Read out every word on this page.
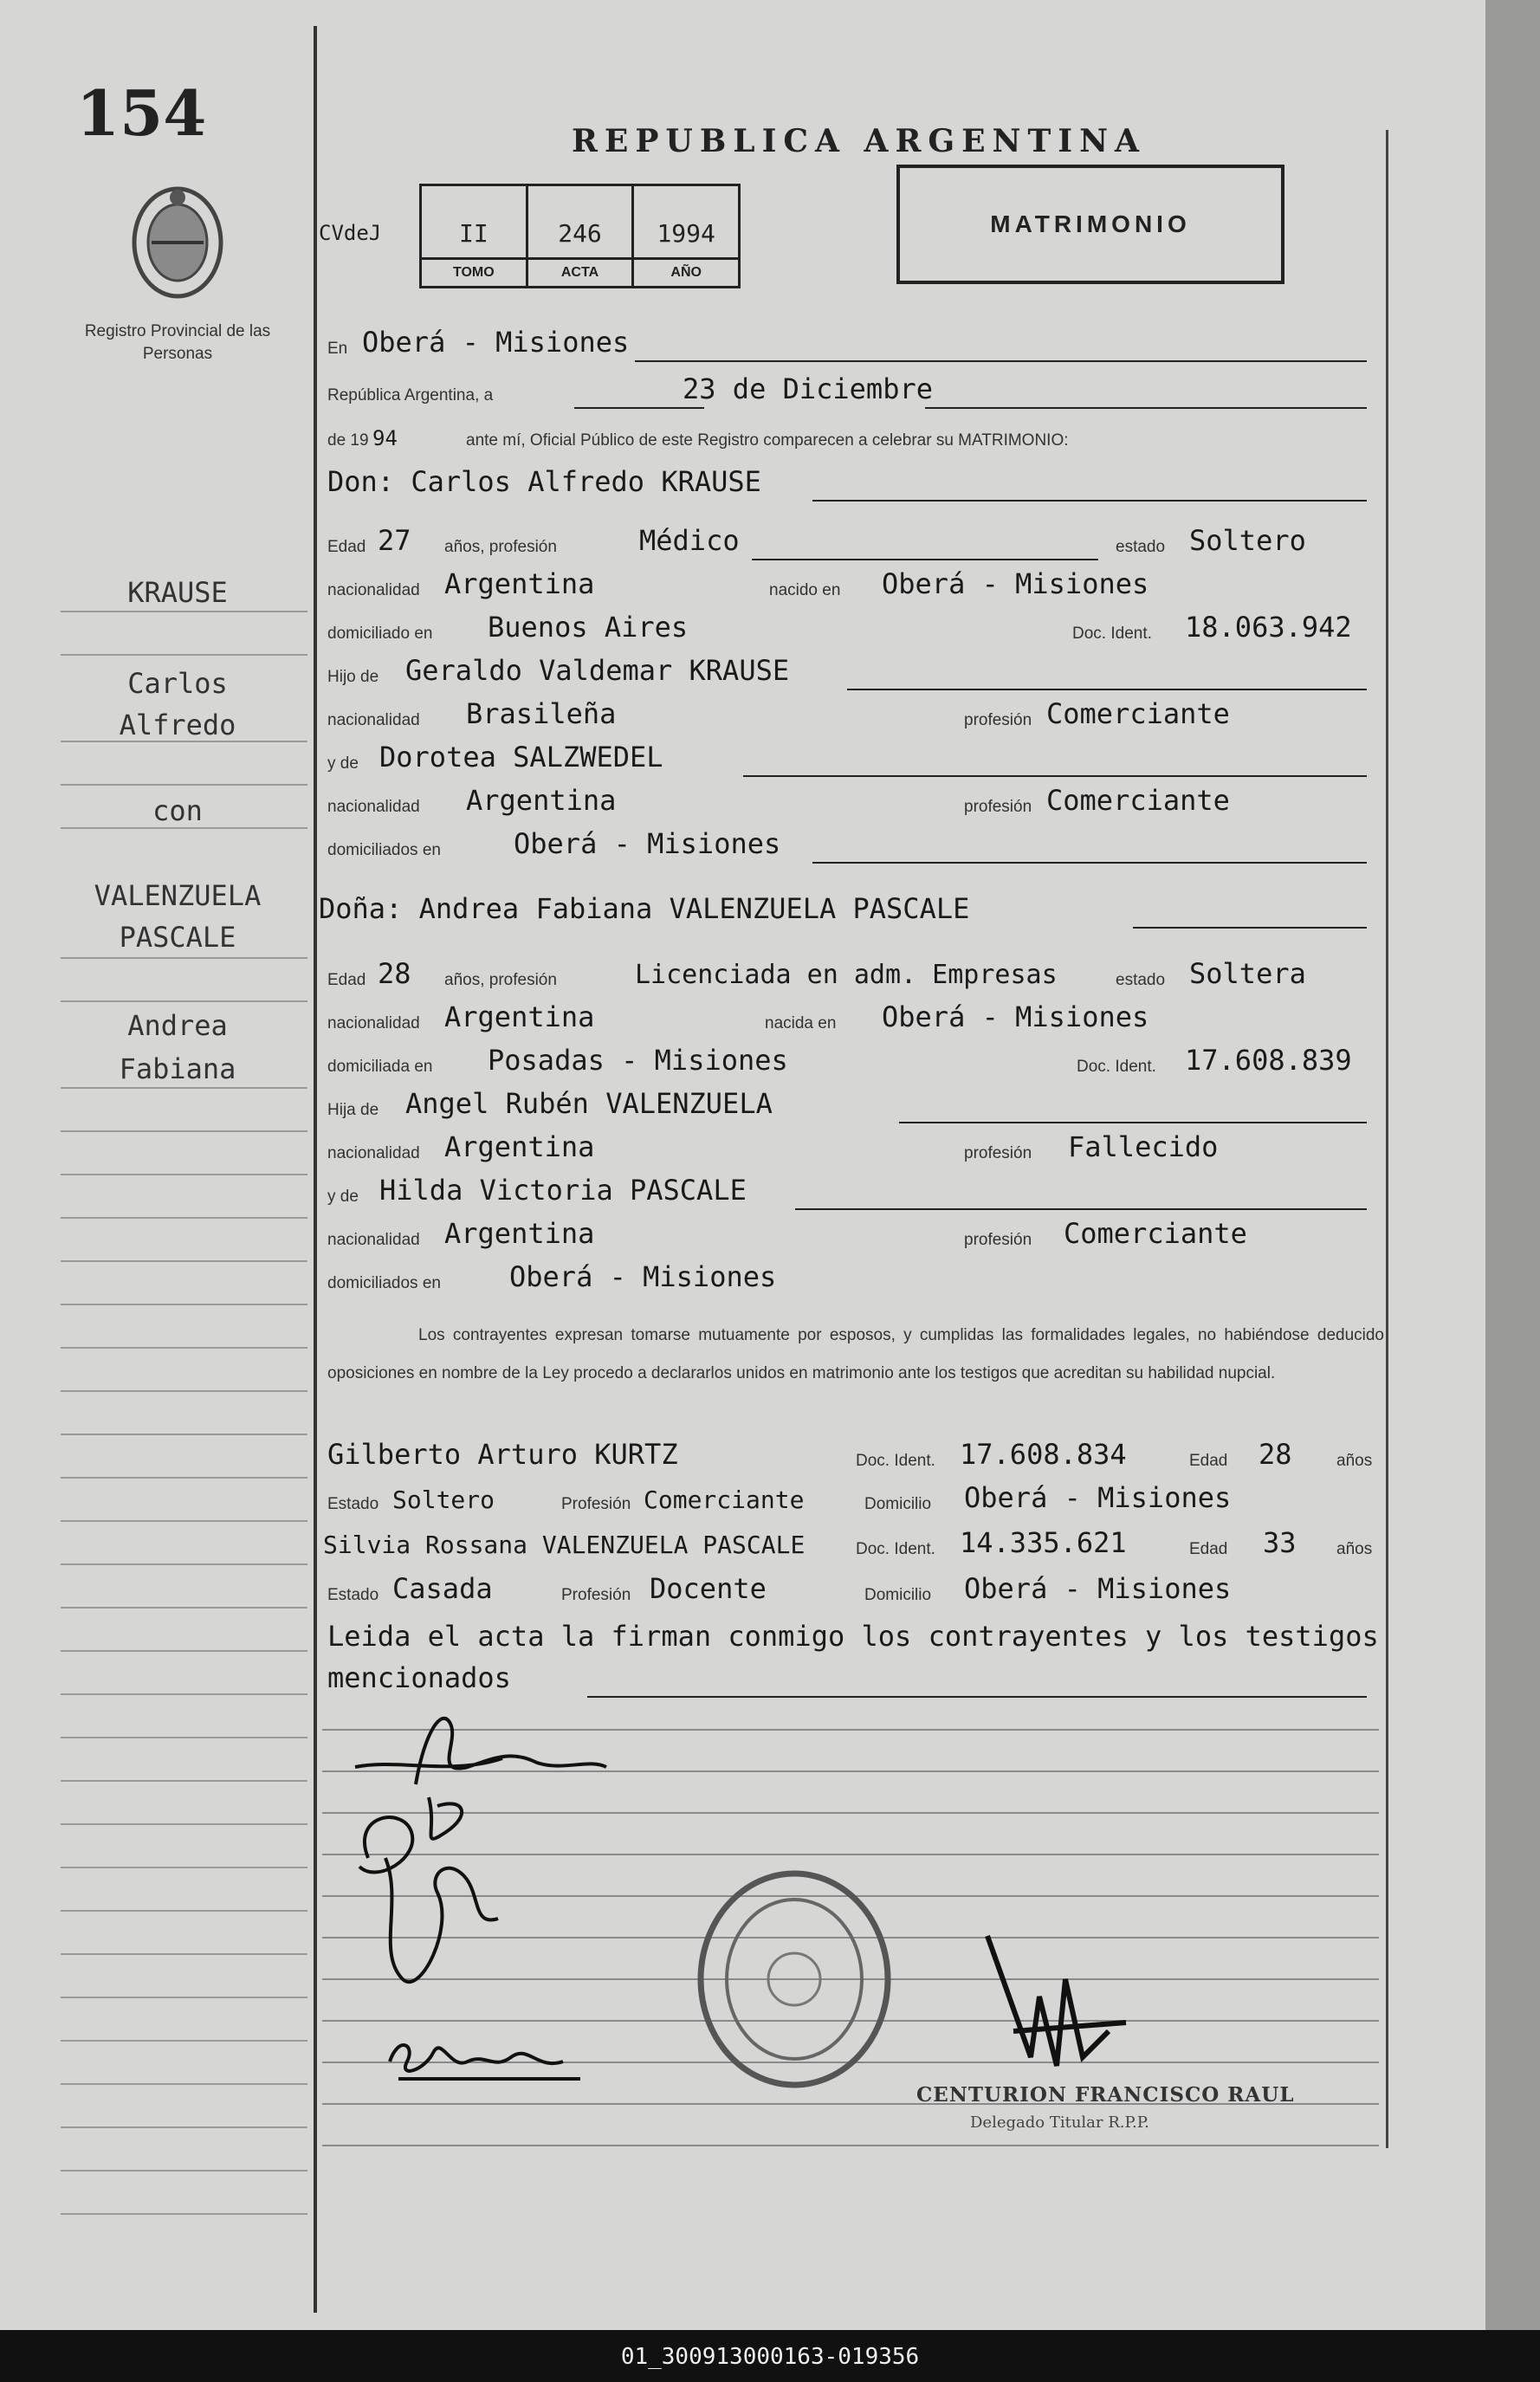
01_300913000163-019356
154
Registro Provincial de las Personas
REPUBLICA ARGENTINA
MATRIMONIO
CVdeJ	II
TOMO
246
ACTA
1994
AÑO
KRAUSE
Carlos
Alfredo
con
VALENZUELA
PASCALE
Andrea
Fabiana
En Oberá - Misiones
República Argentina, a	23 de Diciembre
de 19 94	ante mí, Oficial Público de este Registro comparecen a celebrar su MATRIMONIO:
Don: Carlos Alfredo KRAUSE
Edad 27 años, profesión	Médico	estado Soltero
nacionalidad Argentina	nacido en Oberá - Misiones
domiciliado en Buenos Aires	Doc. Ident. 18.063.942
Hijo de Geraldo Valdemar KRAUSE
nacionalidad Brasileña	profesión Comerciante
y de Dorotea SALZWEDEL
nacionalidad Argentina	profesión Comerciante
domiciliados en	Oberá - Misiones
Doña: Andrea Fabiana VALENZUELA PASCALE
Edad 28 años, profesión	Licenciada en adm. Empresas	estado Soltera
nacionalidad Argentina	nacida en Oberá - Misiones
domiciliada en Posadas - Misiones	Doc. Ident. 17.608.839
Hija de Angel Rubén VALENZUELA
nacionalidad Argentina	profesión Fallecido
y de Hilda Victoria PASCALE
nacionalidad Argentina	profesión Comerciante
domiciliados en Oberá - Misiones
Los contrayentes expresan tomarse mutuamente por esposos, y cumplidas las formalidades legales, no habiéndose deducido oposiciones en nombre de la Ley procedo a declararlos unidos en matrimonio ante los testigos que acreditan su habilidad nupcial.
Gilberto Arturo KURTZ	Doc. Ident. 17.608.834	Edad 28	años
Estado Soltero	Profesión Comerciante	Domicilio Oberá - Misiones
Silvia Rossana VALENZUELA PASCALE	Doc. Ident. 14.335.621	Edad 33 años
Estado Casada	Profesión Docente	Domicilio Oberá - Misiones
Leida el acta la firman conmigo los contrayentes y los testigos
mencionados
CENTURION FRANCISCO RAUL
Delegado Titular R.P.P.
